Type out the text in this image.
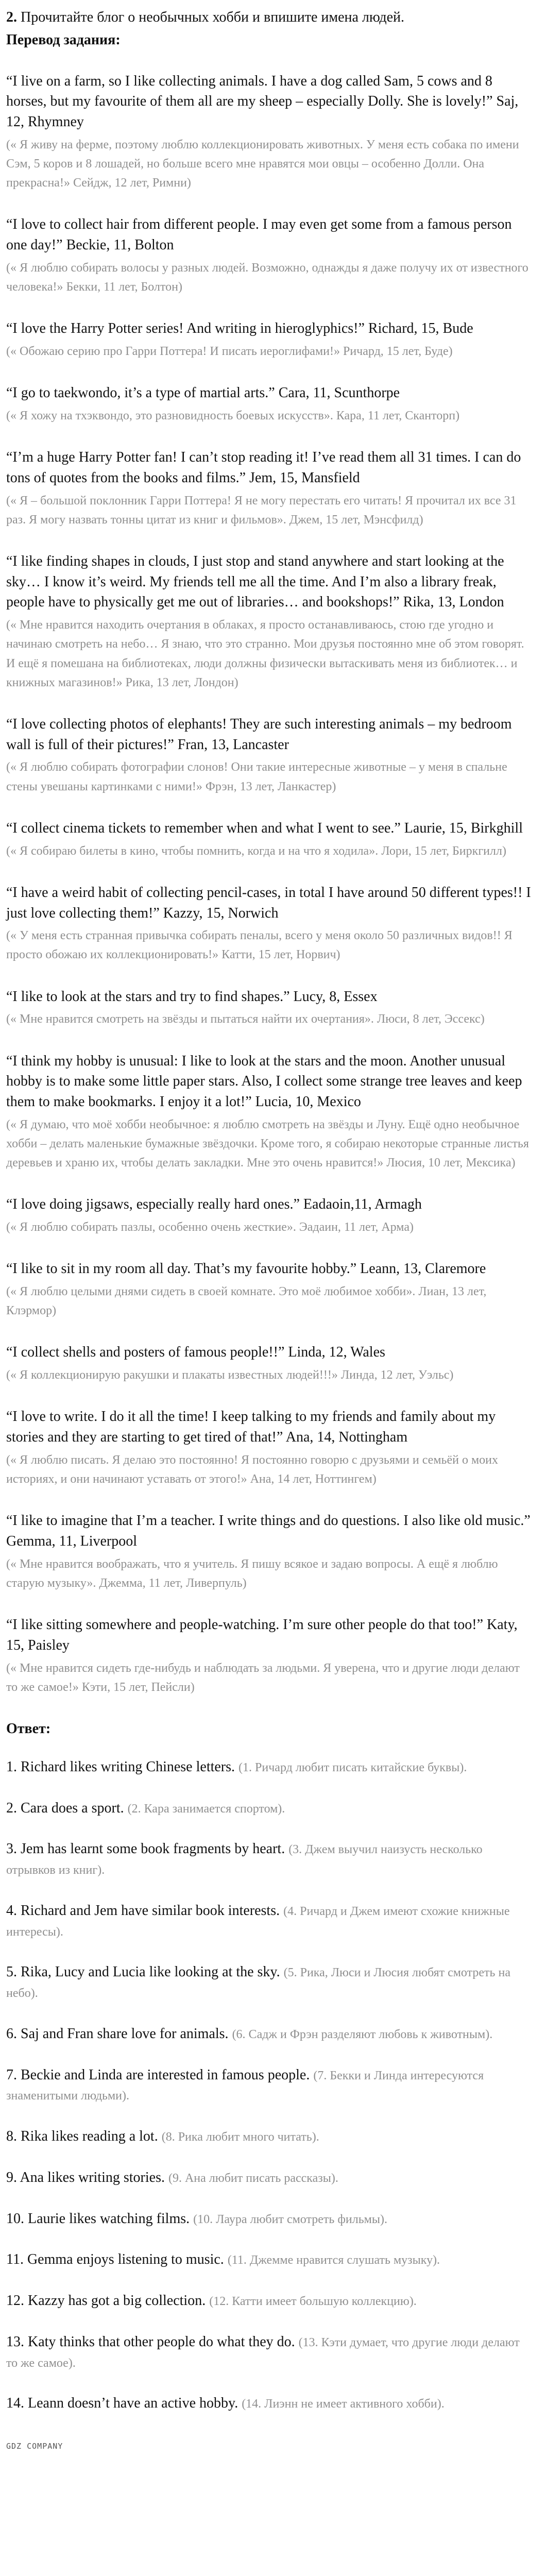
2. Прочитайте блог о необычных хобби и впишите имена людей.

Перевод задания:

“I live on a farm, so I like collecting animals. I have a dog called Sam, 5 cows and 8 horses, but my favourite of them all are my sheep – especially Dolly. She is lovely!” Saj, 12, Rhymney

(« Я живу на ферме, поэтому люблю коллекционировать животных. У меня есть собака по имени Сэм, 5 коров и 8 лошадей, но больше всего мне нравятся мои овцы – особенно Долли. Она прекрасна!» Сейдж, 12 лет, Римни)

“I love to collect hair from different people. I may even get some from a famous person one day!” Beckie, 11, Bolton

(« Я люблю собирать волосы у разных людей. Возможно, однажды я даже получу их от известного человека!» Бекки, 11 лет, Болтон)

“I love the Harry Potter series! And writing in hieroglyphics!” Richard, 15, Bude

(« Обожаю серию про Гарри Поттера! И писать иероглифами!» Ричард, 15 лет, Буде)

“I go to taekwondo, it’s a type of martial arts.” Cara, 11, Scunthorpe

(« Я хожу на тхэквондо, это разновидность боевых искусств». Кара, 11 лет, Сканторп)

“I’m a huge Harry Potter fan! I can’t stop reading it! I’ve read them all 31 times. I can do tons of quotes from the books and films.” Jem, 15, Mansfield

(« Я – большой поклонник Гарри Поттера! Я не могу перестать его читать! Я прочитал их все 31 раз. Я могу назвать тонны цитат из книг и фильмов». Джем, 15 лет, Мэнсфилд)

“I like finding shapes in clouds, I just stop and stand anywhere and start looking at the sky… I know it’s weird. My friends tell me all the time. And I’m also a library freak, people have to physically get me out of libraries… and bookshops!” Rika, 13, London

(« Мне нравится находить очертания в облаках, я просто останавливаюсь, стою где угодно и начинаю смотреть на небо… Я знаю, что это странно. Мои друзья постоянно мне об этом говорят. И ещё я помешана на библиотеках, люди должны физически вытаскивать меня из библиотек… и книжных магазинов!» Рика, 13 лет, Лондон)

“I love collecting photos of elephants! They are such interesting animals – my bedroom wall is full of their pictures!” Fran, 13, Lancaster

(« Я люблю собирать фотографии слонов! Они такие интересные животные – у меня в спальне стены увешаны картинками с ними!» Фрэн, 13 лет, Ланкастер)

“I collect cinema tickets to remember when and what I went to see.” Laurie, 15, Birkghill

(« Я собираю билеты в кино, чтобы помнить, когда и на что я ходила». Лори, 15 лет, Биркгилл)

“I have a weird habit of collecting pencil-cases, in total I have around 50 different types!! I just love collecting them!” Kazzy, 15, Norwich

(« У меня есть странная привычка собирать пеналы, всего у меня около 50 различных видов!! Я просто обожаю их коллекционировать!» Катти, 15 лет, Норвич)

“I like to look at the stars and try to find shapes.” Lucy, 8, Essex

(« Мне нравится смотреть на звёзды и пытаться найти их очертания». Люси, 8 лет, Эссекс)

“I think my hobby is unusual: I like to look at the stars and the moon. Another unusual hobby is to make some little paper stars. Also, I collect some strange tree leaves and keep them to make bookmarks. I enjoy it a lot!” Lucia, 10, Mexico

(« Я думаю, что моё хобби необычное: я люблю смотреть на звёзды и Луну. Ещё одно необычное хобби – делать маленькие бумажные звёздочки. Кроме того, я собираю некоторые странные листья деревьев и храню их, чтобы делать закладки. Мне это очень нравится!» Люсия, 10 лет, Мексика)

“I love doing jigsaws, especially really hard ones.” Eadaoin,11, Armagh

(« Я люблю собирать пазлы, особенно очень жесткие». Эадаин, 11 лет, Арма)

“I like to sit in my room all day. That’s my favourite hobby.” Leann, 13, Claremore

(« Я люблю целыми днями сидеть в своей комнате. Это моё любимое хобби». Лиан, 13 лет, Клэрмор)

“I collect shells and posters of famous people!!” Linda, 12, Wales

(« Я коллекционирую ракушки и плакаты известных людей!!!» Линда, 12 лет, Уэльс)

“I love to write. I do it all the time! I keep talking to my friends and family about my stories and they are starting to get tired of that!” Ana, 14, Nottingham

(« Я люблю писать. Я делаю это постоянно! Я постоянно говорю с друзьями и семьёй о моих историях, и они начинают уставать от этого!» Ана, 14 лет, Ноттингем)

“I like to imagine that I’m a teacher. I write things and do questions. I also like old music.” Gemma, 11, Liverpool

(« Мне нравится воображать, что я учитель. Я пишу всякое и задаю вопросы. А ещё я люблю старую музыку». Джемма, 11 лет, Ливерпуль)

“I like sitting somewhere and people-watching. I’m sure other people do that too!” Katy, 15, Paisley

(« Мне нравится сидеть где-нибудь и наблюдать за людьми. Я уверена, что и другие люди делают то же самое!» Кэти, 15 лет, Пейсли)

Ответ:

1. Richard likes writing Chinese letters. (1. Ричард любит писать китайские буквы).

2. Cara does a sport. (2. Кара занимается спортом).

3. Jem has learnt some book fragments by heart. (3. Джем выучил наизусть несколько отрывков из книг).

4. Richard and Jem have similar book interests. (4. Ричард и Джем имеют схожие книжные интересы).

5. Rika, Lucy and Lucia like looking at the sky. (5. Рика, Люси и Люсия любят смотреть на небо).

6. Saj and Fran share love for animals. (6. Садж и Фрэн разделяют любовь к животным).

7. Beckie and Linda are interested in famous people. (7. Бекки и Линда интересуются знаменитыми людьми).

8. Rika likes reading a lot. (8. Рика любит много читать).

9. Ana likes writing stories. (9. Ана любит писать рассказы).

10. Laurie likes watching films. (10. Лаура любит смотреть фильмы).

11. Gemma enjoys listening to music. (11. Джемме нравится слушать музыку).

12. Kazzy has got a big collection. (12. Катти имеет большую коллекцию).

13. Katy thinks that other people do what they do. (13. Кэти думает, что другие люди делают то же самое).

14. Leann doesn’t have an active hobby. (14. Лиэнн не имеет активного хобби).

GDZ COMPANY
